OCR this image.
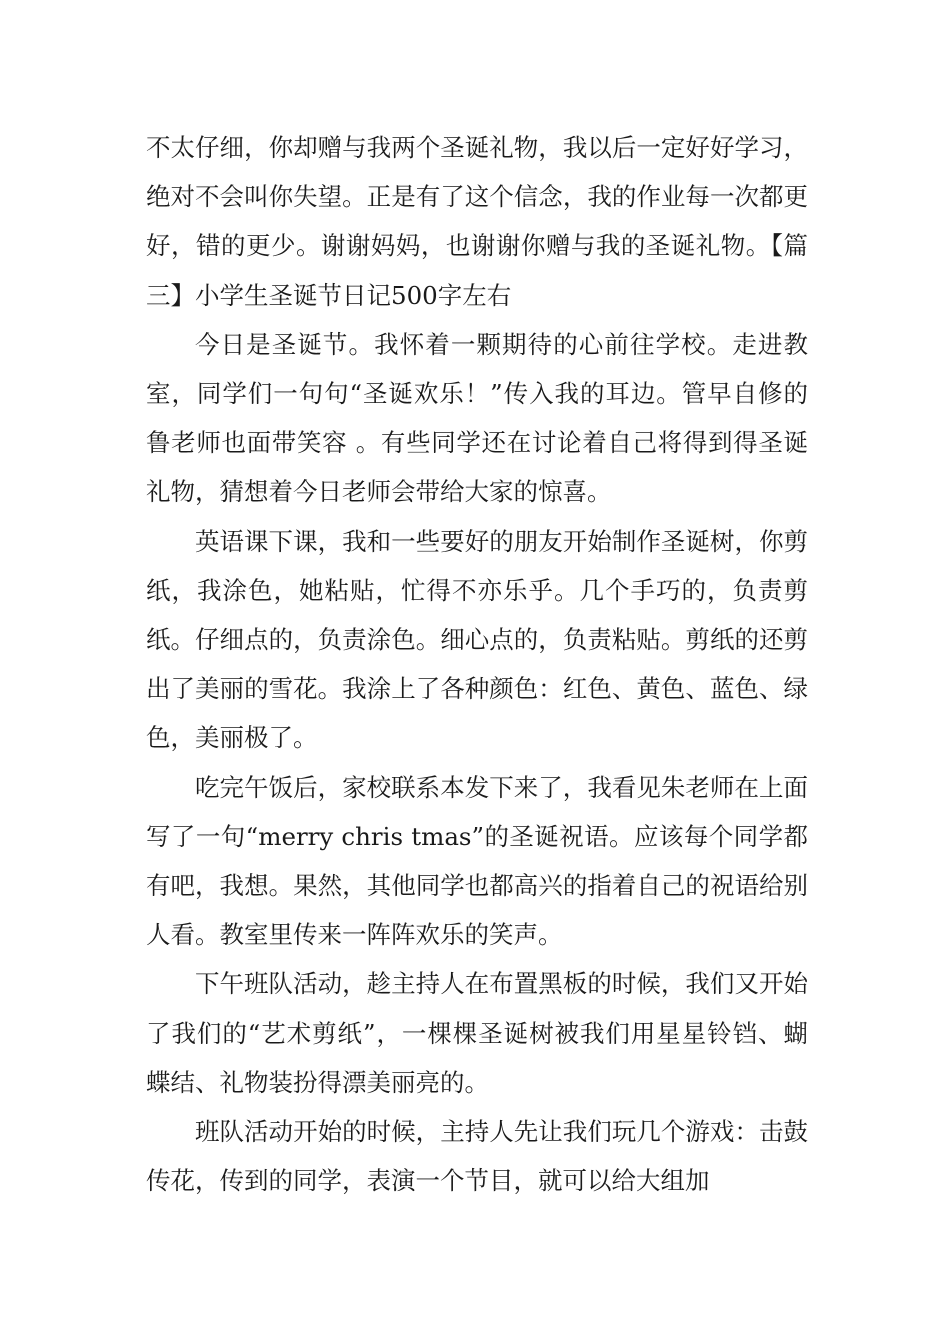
不太仔细，你却赠与我两个圣诞礼物，我以后一定好好学习，绝对不会叫你失望。正是有了这个信念，我的作业每一次都更好，错的更少。谢谢妈妈，也谢谢你赠与我的圣诞礼物。【篇三】小学生圣诞节日记500字左右

今日是圣诞节。我怀着一颗期待的心前往学校。走进教室，同学们一句句“圣诞欢乐！”传入我的耳边。管早自修的鲁老师也面带笑容 。有些同学还在讨论着自己将得到得圣诞礼物，猜想着今日老师会带给大家的惊喜。

英语课下课，我和一些要好的朋友开始制作圣诞树，你剪纸，我涂色，她粘贴，忙得不亦乐乎。几个手巧的，负责剪纸。仔细点的，负责涂色。细心点的，负责粘贴。剪纸的还剪出了美丽的雪花。我涂上了各种颜色：红色、黄色、蓝色、绿色，美丽极了。

吃完午饭后，家校联系本发下来了，我看见朱老师在上面写了一句“merry chris tmas”的圣诞祝语。应该每个同学都有吧，我想。果然，其他同学也都高兴的指着自己的祝语给别人看。教室里传来一阵阵欢乐的笑声。

下午班队活动，趁主持人在布置黑板的时候，我们又开始了我们的“艺术剪纸”，一棵棵圣诞树被我们用星星铃铛、蝴蝶结、礼物装扮得漂美丽亮的。

班队活动开始的时候，主持人先让我们玩几个游戏：击鼓传花，传到的同学，表演一个节目，就可以给大组加
